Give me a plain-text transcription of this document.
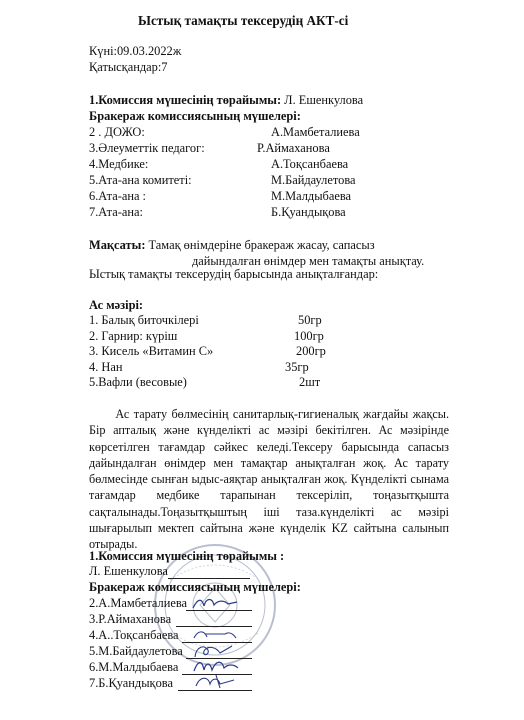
Ыстық тамақты тексерудің АКТ-сі
Күні:09.03.2022ж
Қатысқандар:7
1.Комиссия мүшесінің төрайымы: Л. Ешенкулова
Бракераж комиссиясының мүшелері:
2 . ДОЖО:	А.Мамбеталиева
3.Әлеуметтік педагог:	Р.Аймаханова
4.Медбике:	А.Тоқсанбаева
5.Ата-ана комитеті:	М.Байдаулетова
6.Ата-ана :	М.Малдыбаева
7.Ата-ана:	Б.Қуандықова
Мақсаты: Тамақ өнімдеріне бракераж жасау, сапасыз
дайындалған өнімдер мен тамақты анықтау.
Ыстық тамақты тексерудің барысында анықталғандар:
Ас мәзірі:
1. Балық биточкілері	50гр
2. Гарнир: күріш	100гр
3. Кисель «Витамин С»	200гр
4. Нан	35гр
5.Вафли (весовые)	2шт
Ас тарату бөлмесінің санитарлық-гигиеналық жағдайы жақсы. Бір апталық және күнделікті ас мәзірі бекітілген. Ас мәзірінде көрсетілген тағамдар сәйкес келеді.Тексеру барысында сапасыз дайындалған өнімдер мен тамақтар анықталған жоқ. Ас тарату бөлмесінде сынған ыдыс-аяқтар анықталған жоқ. Күнделікті сынама тағамдар медбике тарапынан тексеріліп, тоңазытқышта сақталынады.Тоңазытқыштың іші таза.күнделікті ас мәзірі шығарылып мектеп сайтына және күнделік KZ сайтына салынып отырады.
1.Комиссия мүшесінің төрайымы :
Л. Ешенкулова
Бракераж комиссиясының мүшелері:
2.А.Мамбеталиева
3.Р.Аймаханова
4.А..Тоқсанбаева
5.М.Байдаулетова
6.М.Малдыбаева
7.Б.Қуандықова
